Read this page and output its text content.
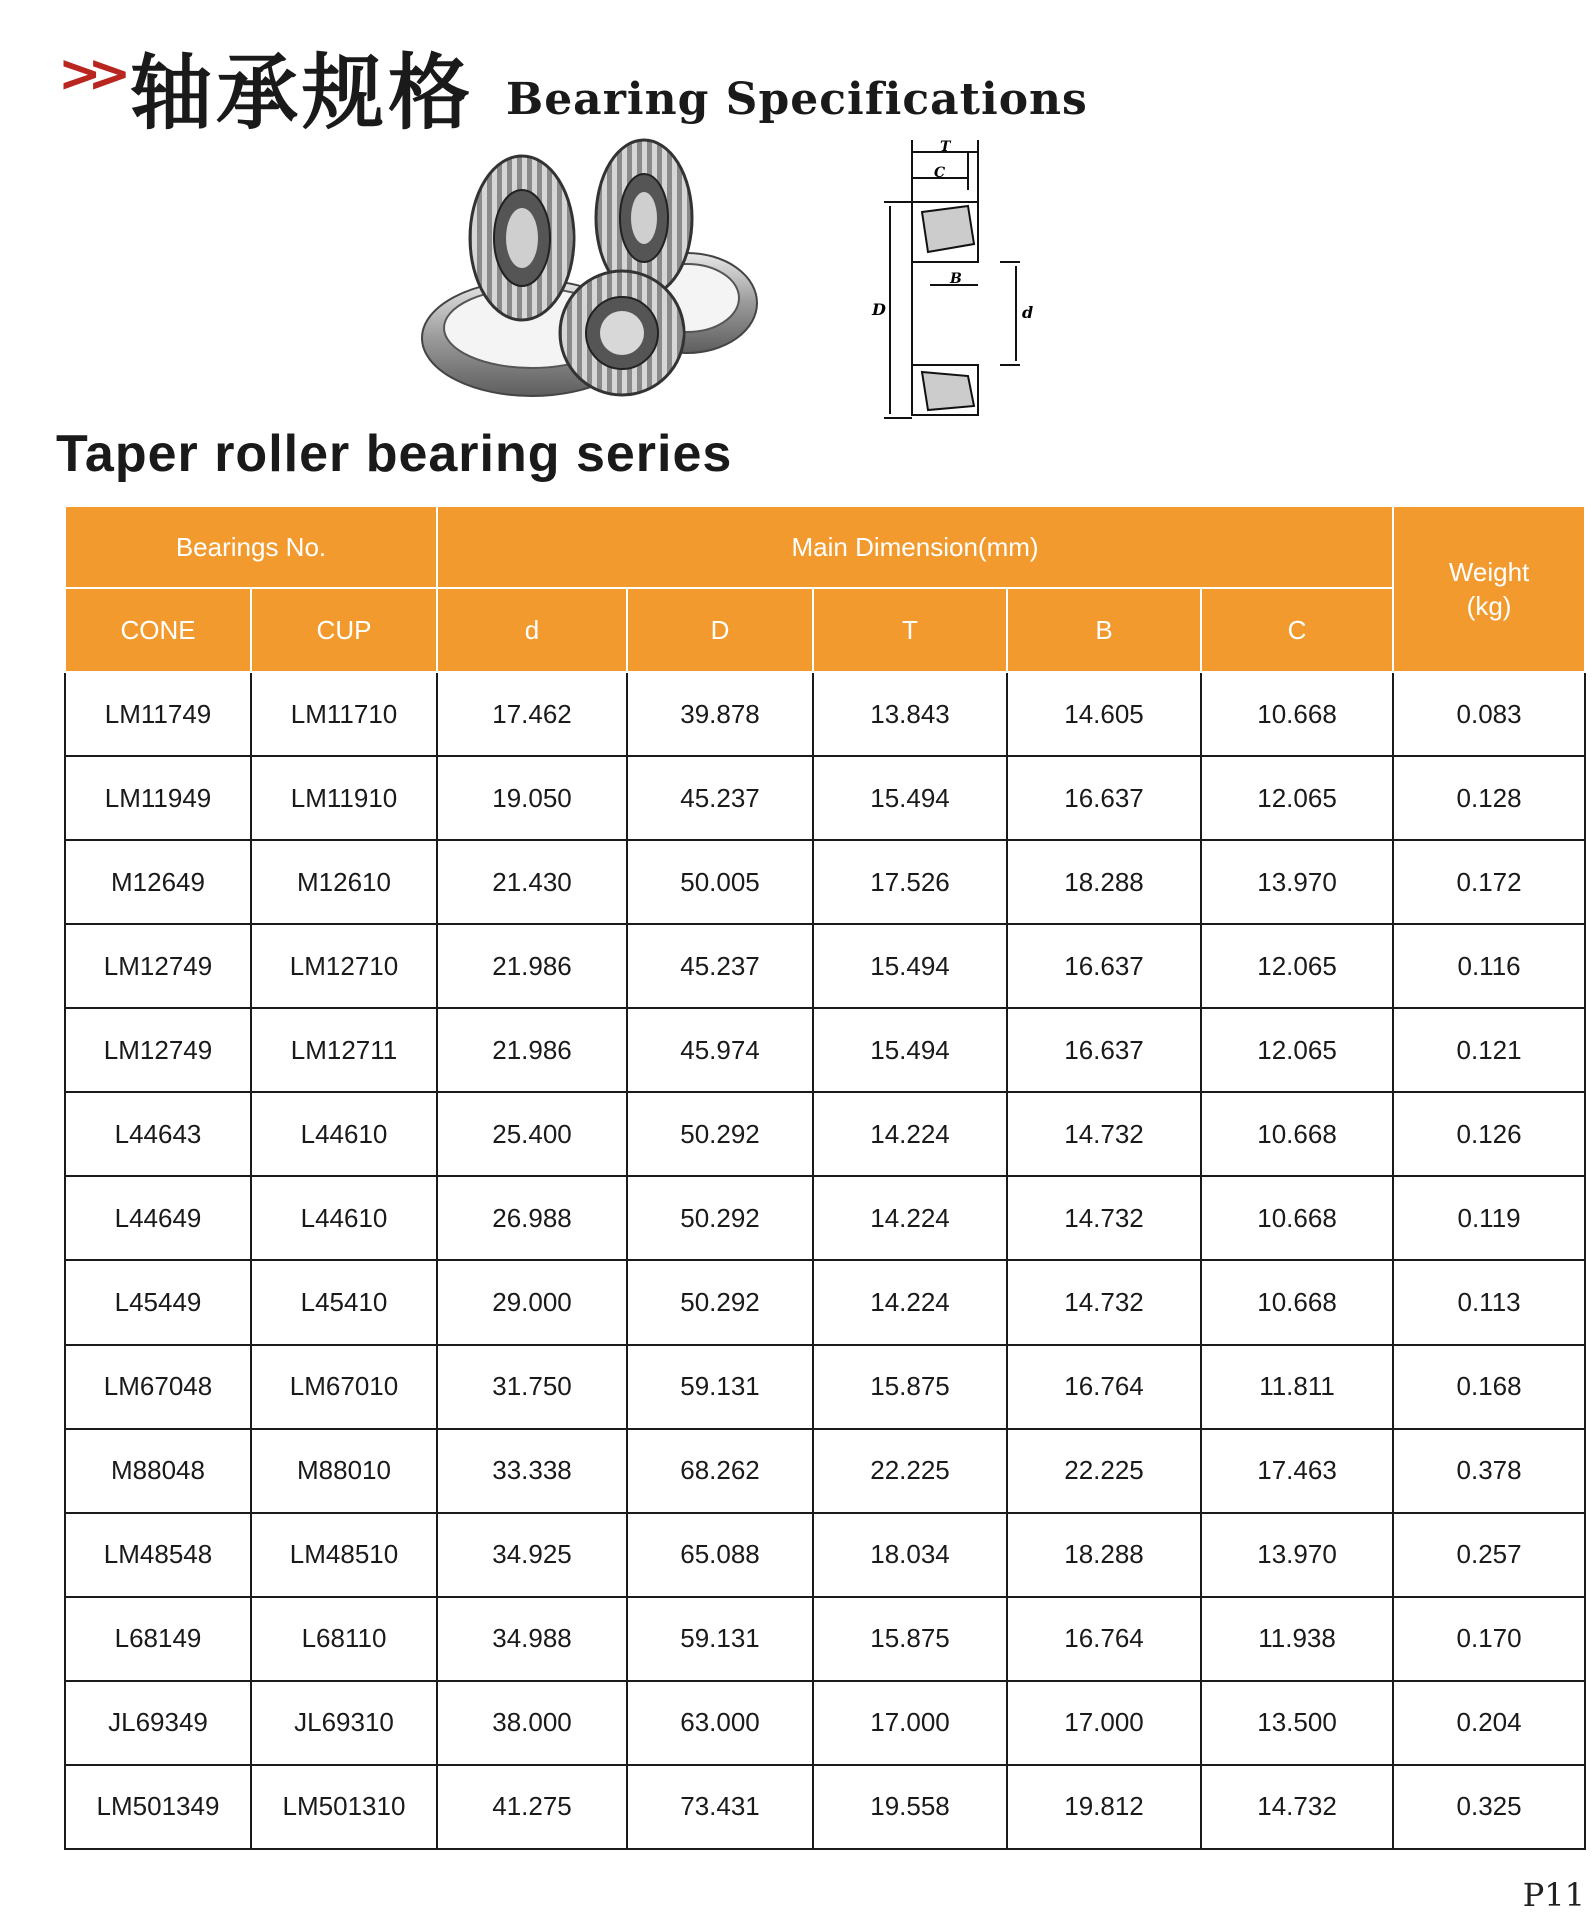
>> 轴承规格 Bearing Specifications
T
C
B
D	d
Taper roller bearing series
Bearings No.		Main Dimension(mm)					Weight
(kg)
CONE	CUP	d	D	T	B	C	
LM11749	LM11710	17.462	39.878	13.843	14.605	10.668	0.083
LM11949	LM11910	19.050	45.237	15.494	16.637	12.065	0.128
M12649	M12610	21.430	50.005	17.526	18.288	13.970	0.172
LM12749	LM12710	21.986	45.237	15.494	16.637	12.065	0.116
LM12749	LM12711	21.986	45.974	15.494	16.637	12.065	0.121
L44643	L44610	25.400	50.292	14.224	14.732	10.668	0.126
L44649	L44610	26.988	50.292	14.224	14.732	10.668	0.119
L45449	L45410	29.000	50.292	14.224	14.732	10.668	0.113
LM67048	LM67010	31.750	59.131	15.875	16.764	11.811	0.168
M88048	M88010	33.338	68.262	22.225	22.225	17.463	0.378
LM48548	LM48510	34.925	65.088	18.034	18.288	13.970	0.257
L68149	L68110	34.988	59.131	15.875	16.764	11.938	0.170
JL69349	JL69310	38.000	63.000	17.000	17.000	13.500	0.204
LM501349	LM501310	41.275	73.431	19.558	19.812	14.732	0.325
P11
